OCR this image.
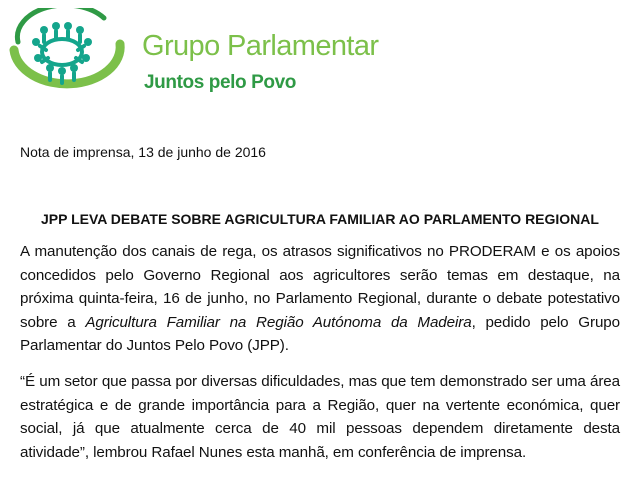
Grupo Parlamentar
Juntos pelo Povo
Nota de imprensa, 13 de junho de 2016
JPP LEVA DEBATE SOBRE AGRICULTURA FAMILIAR AO PARLAMENTO REGIONAL

A manutenção dos canais de rega, os atrasos significativos no PRODERAM e os apoios concedidos pelo Governo Regional aos agricultores serão temas em destaque, na próxima quinta-feira, 16 de junho, no Parlamento Regional, durante o debate potestativo sobre a Agricultura Familiar na Região Autónoma da Madeira, pedido pelo Grupo Parlamentar do Juntos Pelo Povo (JPP).

“É um setor que passa por diversas dificuldades, mas que tem demonstrado ser uma área estratégica e de grande importância para a Região, quer na vertente económica, quer social, já que atualmente cerca de 40 mil pessoas dependem diretamente desta atividade”, lembrou Rafael Nunes esta manhã, em conferência de imprensa.
